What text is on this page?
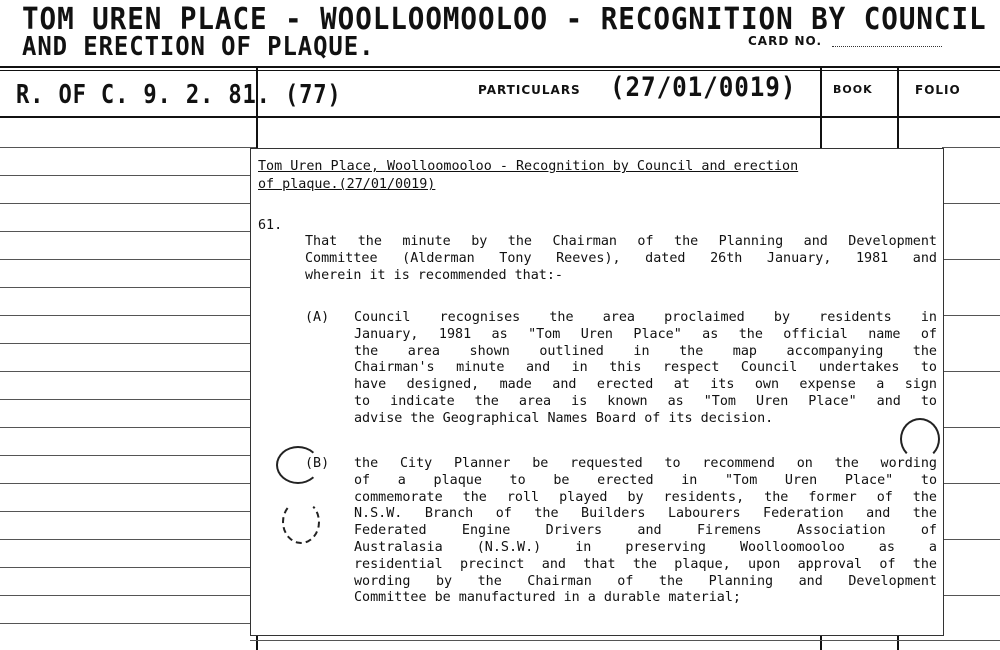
TOM UREN PLACE - WOOLLOOMOOLOO - RECOGNITION BY COUNCIL
AND ERECTION OF PLAQUE.	CARD NO.
R. OF C. 9. 2. 81. (77)	PARTICULARS (27/01/0019)	BOOK	FOLIO
Tom Uren Place, Woolloomooloo - Recognition by Council and erection
of plaque.(27/01/0019)
61.
That the minute by the Chairman of the Planning and Development
Committee (Alderman Tony Reeves), dated 26th January, 1981 and
wherein it is recommended that:-
(A) Council recognises the area proclaimed by residents in
January, 1981 as "Tom Uren Place" as the official name of
the area shown outlined in the map accompanying the
Chairman's minute and in this respect Council undertakes to
have designed, made and erected at its own expense a sign
to indicate the area is known as "Tom Uren Place" and to
advise the Geographical Names Board of its decision.
(B) the City Planner be requested to recommend on the wording
of a plaque to be erected in "Tom Uren Place" to
commemorate the roll played by residents, the former of the
N.S.W. Branch of the Builders Labourers Federation and the
Federated Engine Drivers and Firemens Association of
Australasia (N.S.W.) in preserving Woolloomooloo as a
residential precinct and that the plaque, upon approval of the
wording by the Chairman of the Planning and Development
Committee be manufactured in a durable material;
